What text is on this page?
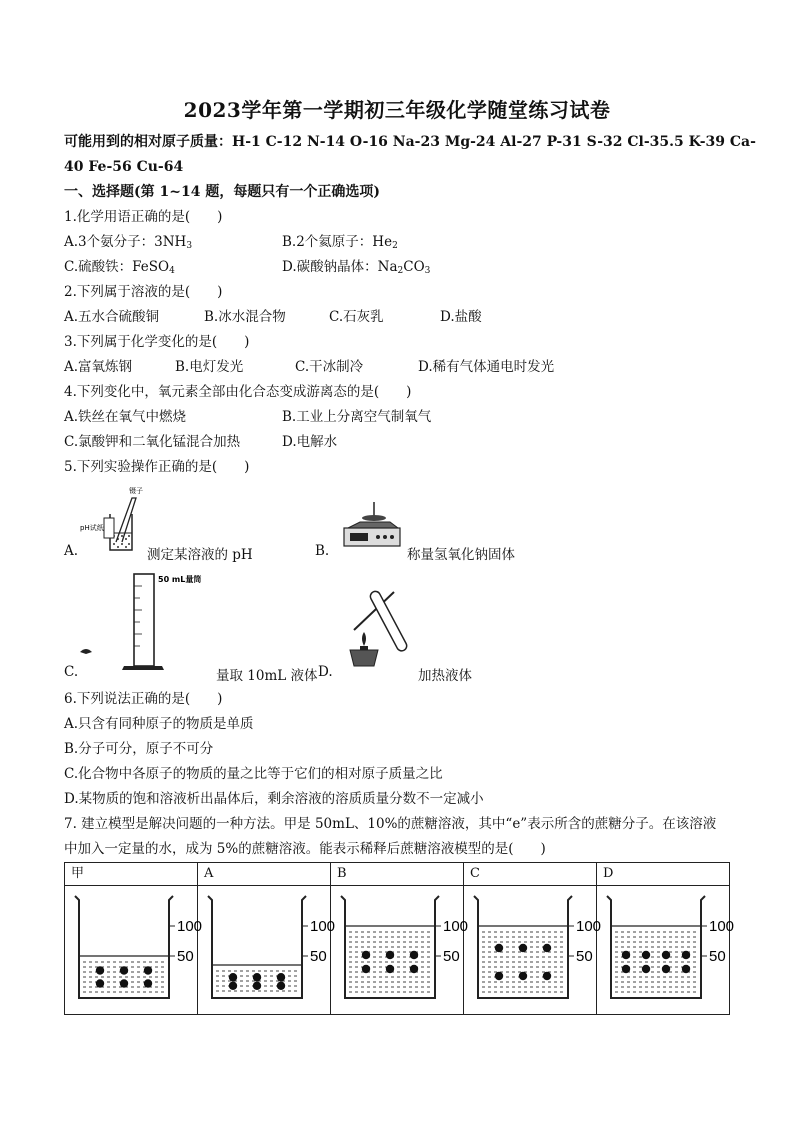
2023学年第一学期初三年级化学随堂练习试卷
可能用到的相对原子质量：H-1 C-12 N-14 O-16 Na-23 Mg-24 Al-27 P-31 S-32 Cl-35.5 K-39 Ca-
40 Fe-56 Cu-64
一、选择题(第 1~14 题，每题只有一个正确选项)
1.化学用语正确的是(　　)
A.3个氨分子：$3NH_3$	B.2个氦原子：$He_2$
C.硫酸铁：FeSO$_4$	D.碳酸钠晶体：$Na_2CO_3$
2.下列属于溶液的是(　　)
A.五水合硫酸铜	B.冰水混合物	C.石灰乳	D.盐酸
3.下列属于化学变化的是(　　)
A.富氧炼钢	B.电灯发光	C.干冰制冷	D.稀有气体通电时发光
4.下列变化中，氧元素全部由化合态变成游离态的是(　　)
A.铁丝在氧气中燃烧	B.工业上分离空气制氧气
C.氯酸钾和二氧化锰混合加热	D.电解水
5.下列实验操作正确的是(　　)
镊子
pH试纸
A.	测定某溶液的 pH	B.	称量氢氧化钠固体
50 mL量筒
C.	量取 10mL 液体 D.	加热液体
6.下列说法正确的是(　　)
A.只含有同种原子的物质是单质
B.分子可分，原子不可分
C.化合物中各原子的物质的量之比等于它们的相对原子质量之比
D.某物质的饱和溶液析出晶体后，剩余溶液的溶质质量分数不一定减小
7. 建立模型是解决问题的一种方法。甲是 50mL、10%的蔗糖溶液，其中“e”表示所含的蔗糖分子。在该溶液
中加入一定量的水，成为 5%的蔗糖溶液。能表示稀释后蔗糖溶液模型的是(　　)
甲	A	B	C	D

100
50	100
50	100
50	100
50	100
50
